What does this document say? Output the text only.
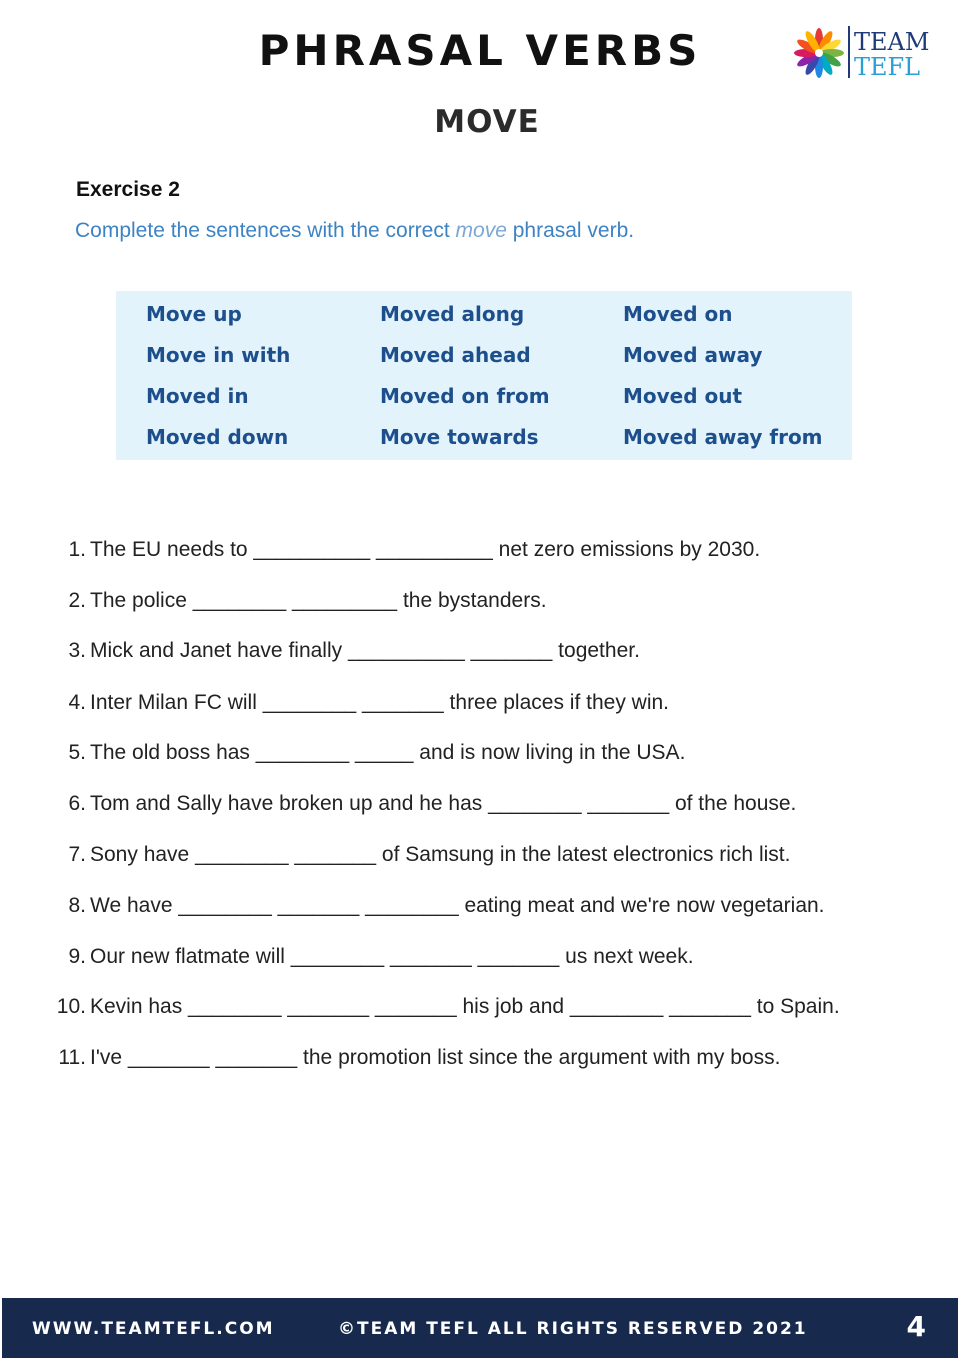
PHRASAL VERBS
MOVE
TEAM
TEFL
Exercise 2
Complete the sentences with the correct move phrasal verb.
Move up	Moved along	Moved on
Move in with	Moved ahead	Moved away
Moved in	Moved on from	Moved out
Moved down	Move towards	Moved away from
1. The EU needs to __________ __________ net zero emissions by 2030.
2. The police ________ _________ the bystanders.
3. Mick and Janet have finally __________ _______ together.
4. Inter Milan FC will ________ _______ three places if they win.
5. The old boss has ________ _____ and is now living in the USA.
6. Tom and Sally have broken up and he has ________ _______ of the house.
7. Sony have ________ _______ of Samsung in the latest electronics rich list.
8. We have ________ _______ ________ eating meat and we're now vegetarian.
9. Our new flatmate will ________ _______ _______ us next week.
10. Kevin has ________ _______ _______ his job and ________ _______ to Spain.
11. I've _______ _______ the promotion list since the argument with my boss.
WWW.TEAMTEFL.COM	©TEAM TEFL ALL RIGHTS RESERVED 2021	4
